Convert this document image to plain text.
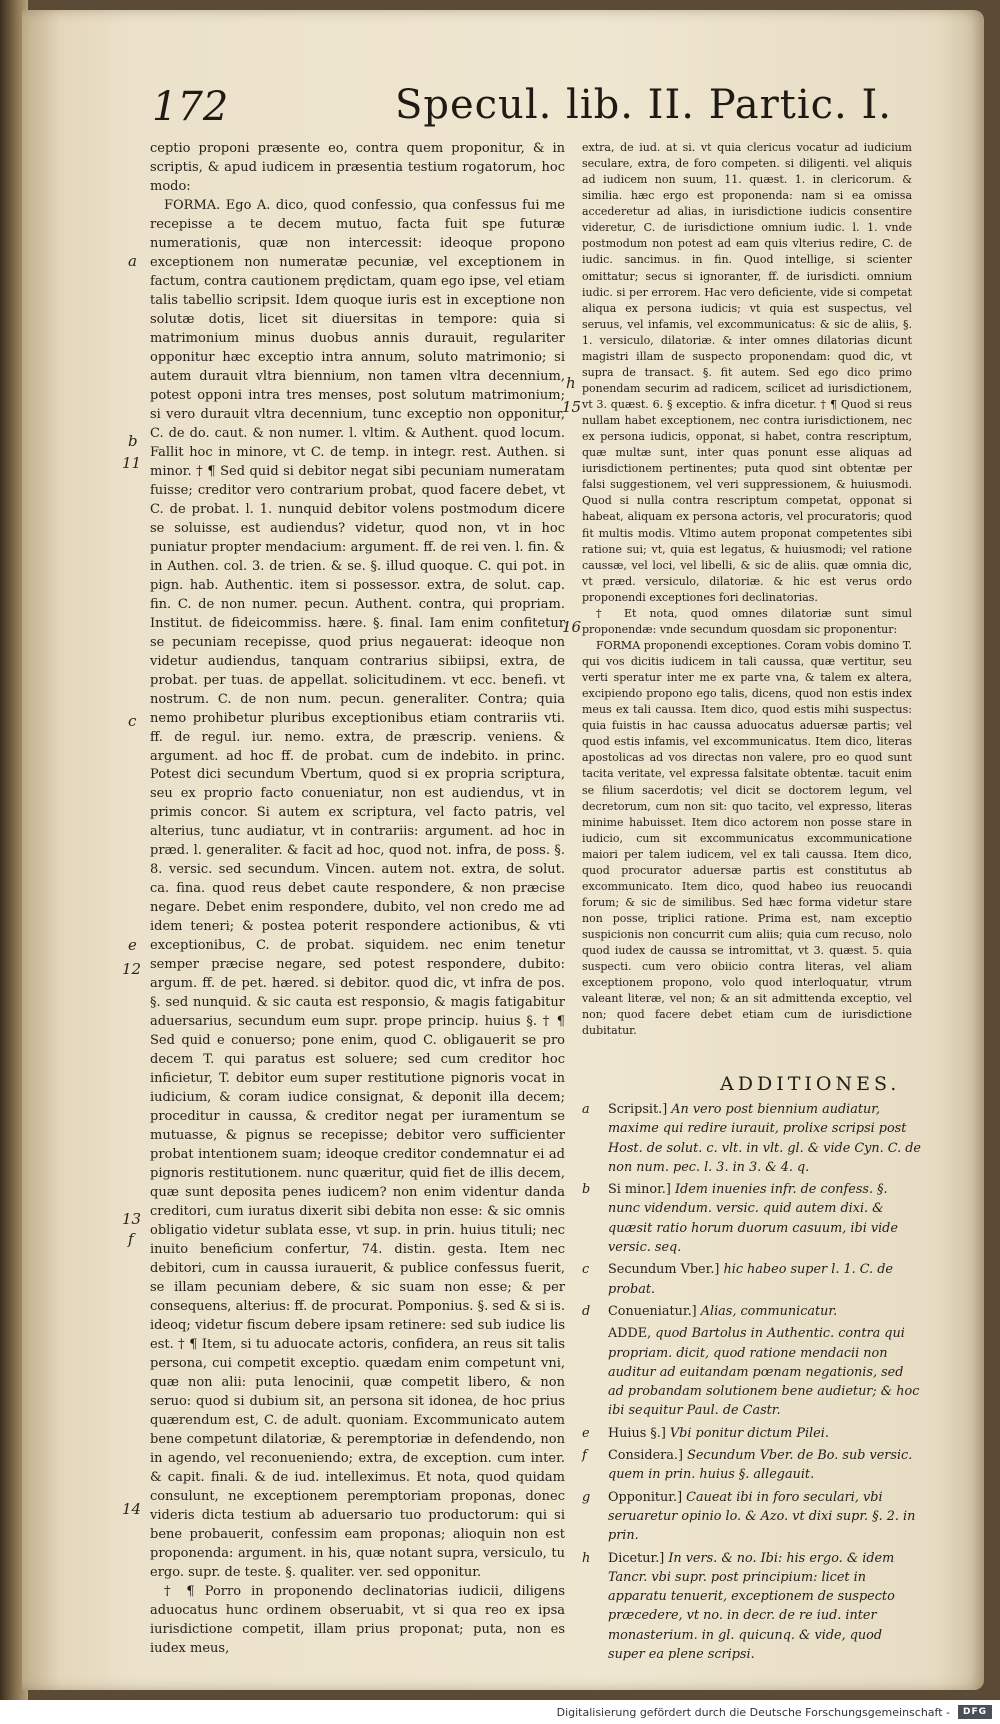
172	Specul. lib. II. Partic. I.

ceptio proponi præsente eo, contra quem proponitur, & in scriptis, & apud iudicem in præsentia testium rogatorum, hoc modo:

FORMA. Ego A. dico, quod confessio, qua confessus fui me recepisse a te decem mutuo, facta fuit spe futuræ numerationis, quæ non intercessit: ideoque propono exceptionem non numeratæ pecuniæ, vel exceptionem in factum, contra cautionem prędictam, quam ego ipse, vel etiam talis tabellio scripsit. Idem quoque iuris est in exceptione non solutæ dotis, licet sit diuersitas in tempore: quia si matrimonium minus duobus annis durauit, regulariter opponitur hæc exceptio intra annum, soluto matrimonio; si autem durauit vltra biennium, non tamen vltra decennium, potest opponi intra tres menses, post solutum matrimonium; si vero durauit vltra decennium, tunc exceptio non opponitur, C. de do. caut. & non numer. l. vltim. & Authent. quod locum. Fallit hoc in minore, vt C. de temp. in integr. rest. Authen. si minor. † ¶ Sed quid si debitor negat sibi pecuniam numeratam fuisse; creditor vero contrarium probat, quod facere debet, vt C. de probat. l. 1. nunquid debitor volens postmodum dicere se soluisse, est audiendus? videtur, quod non, vt in hoc puniatur propter mendacium: argument. ff. de rei ven. l. fin. & in Authen. col. 3. de trien. & se. §. illud quoque. C. qui pot. in pign. hab. Authentic. item si possessor. extra, de solut. cap. fin. C. de non numer. pecun. Authent. contra, qui propriam. Institut. de fideicommiss. hære. §. final. Iam enim confitetur se pecuniam recepisse, quod prius negauerat: ideoque non videtur audiendus, tanquam contrarius sibiipsi, extra, de probat. per tuas. de appellat. solicitudinem. vt ecc. benefi. vt nostrum. C. de non num. pecun. generaliter. Contra; quia nemo prohibetur pluribus exceptionibus etiam contrariis vti. ff. de regul. iur. nemo. extra, de præscrip. veniens. & argument. ad hoc ff. de probat. cum de indebito. in princ. Potest dici secundum Vbertum, quod si ex propria scriptura, seu ex proprio facto conueniatur, non est audiendus, vt in primis concor. Si autem ex scriptura, vel facto patris, vel alterius, tunc audiatur, vt in contrariis: argument. ad hoc in præd. l. generaliter. & facit ad hoc, quod not. infra, de poss. §. 8. versic. sed secundum. Vincen. autem not. extra, de solut. ca. fina. quod reus debet caute respondere, & non præcise negare. Debet enim respondere, dubito, vel non credo me ad idem teneri; & postea poterit respondere actionibus, & vti exceptionibus, C. de probat. siquidem. nec enim tenetur semper præcise negare, sed potest respondere, dubito: argum. ff. de pet. hæred. si debitor. quod dic, vt infra de pos. §. sed nunquid. & sic cauta est responsio, & magis fatigabitur aduersarius, secundum eum supr. prope princip. huius §. † ¶ Sed quid e conuerso; pone enim, quod C. obligauerit se pro decem T. qui paratus est soluere; sed cum creditor hoc inficietur, T. debitor eum super restitutione pignoris vocat in iudicium, & coram iudice consignat, & deponit illa decem; proceditur in caussa, & creditor negat per iuramentum se mutuasse, & pignus se recepisse; debitor vero sufficienter probat intentionem suam; ideoque creditor condemnatur ei ad pignoris restitutionem. nunc quæritur, quid fiet de illis decem, quæ sunt deposita penes iudicem? non enim videntur danda creditori, cum iuratus dixerit sibi debita non esse: & sic omnis obligatio videtur sublata esse, vt sup. in prin. huius tituli; nec inuito beneficium confertur, 74. distin. gesta. Item nec debitori, cum in caussa iurauerit, & publice confessus fuerit, se illam pecuniam debere, & sic suam non esse; & per consequens, alterius: ff. de procurat. Pomponius. §. sed & si is. ideoq; videtur fiscum debere ipsam retinere: sed sub iudice lis est. † ¶ Item, si tu aduocate actoris, confidera, an reus sit talis persona, cui competit exceptio. quædam enim competunt vni, quæ non alii: puta lenocinii, quæ competit libero, & non seruo: quod si dubium sit, an persona sit idonea, de hoc prius quærendum est, C. de adult. quoniam. Excommunicato autem bene competunt dilatoriæ, & peremptoriæ in defendendo, non in agendo, vel reconueniendo; extra, de exception. cum inter. & capit. finali. & de iud. intelleximus. Et nota, quod quidam consulunt, ne exceptionem peremptoriam proponas, donec videris dicta testium ab aduersario tuo productorum: qui si bene probauerit, confessim eam proponas; alioquin non est proponenda: argument. in his, quæ notant supra, versiculo, tu ergo. supr. de teste. §. qualiter. ver. sed opponitur.

† ¶ Porro in proponendo declinatorias iudicii, diligens aduocatus hunc ordinem obseruabit, vt si qua reo ex ipsa iurisdictione competit, illam prius proponat; puta, non es iudex meus,

extra, de iud. at si. vt quia clericus vocatur ad iudicium seculare, extra, de foro competen. si diligenti. vel aliquis ad iudicem non suum, 11. quæst. 1. in clericorum. & similia. hæc ergo est proponenda: nam si ea omissa accederetur ad alias, in iurisdictione iudicis consentire videretur, C. de iurisdictione omnium iudic. l. 1. vnde postmodum non potest ad eam quis vlterius redire, C. de iudic. sancimus. in fin. Quod intellige, si scienter omittatur; secus si ignoranter, ff. de iurisdicti. omnium iudic. si per errorem. Hac vero deficiente, vide si competat aliqua ex persona iudicis; vt quia est suspectus, vel seruus, vel infamis, vel excommunicatus: & sic de aliis, §. 1. versiculo, dilatoriæ. & inter omnes dilatorias dicunt magistri illam de suspecto proponendam: quod dic, vt supra de transact. §. fit autem. Sed ego dico primo ponendam securim ad radicem, scilicet ad iurisdictionem, vt 3. quæst. 6. § exceptio. & infra dicetur. † ¶ Quod si reus nullam habet exceptionem, nec contra iurisdictionem, nec ex persona iudicis, opponat, si habet, contra rescriptum, quæ multæ sunt, inter quas ponunt esse aliquas ad iurisdictionem pertinentes; puta quod sint obtentæ per falsi suggestionem, vel veri suppressionem, & huiusmodi. Quod si nulla contra rescriptum competat, opponat si habeat, aliquam ex persona actoris, vel procuratoris; quod fit multis modis. Vltimo autem proponat competentes sibi ratione sui; vt, quia est legatus, & huiusmodi; vel ratione caussæ, vel loci, vel libelli, & sic de aliis. quæ omnia dic, vt præd. versiculo, dilatoriæ. & hic est verus ordo proponendi exceptiones fori declinatorias.

† Et nota, quod omnes dilatoriæ sunt simul proponendæ: vnde secundum quosdam sic proponentur:

FORMA proponendi exceptiones. Coram vobis domino T. qui vos dicitis iudicem in tali caussa, quæ vertitur, seu verti speratur inter me ex parte vna, & talem ex altera, excipiendo propono ego talis, dicens, quod non estis index meus ex tali caussa. Item dico, quod estis mihi suspectus: quia fuistis in hac caussa aduocatus aduersæ partis; vel quod estis infamis, vel excommunicatus. Item dico, literas apostolicas ad vos directas non valere, pro eo quod sunt tacita veritate, vel expressa falsitate obtentæ. tacuit enim se filium sacerdotis; vel dicit se doctorem legum, vel decretorum, cum non sit: quo tacito, vel expresso, literas minime habuisset. Item dico actorem non posse stare in iudicio, cum sit excommunicatus excommunicatione maiori per talem iudicem, vel ex tali caussa. Item dico, quod procurator aduersæ partis est constitutus ab excommunicato. Item dico, quod habeo ius reuocandi forum; & sic de similibus. Sed hæc forma videtur stare non posse, triplici ratione. Prima est, nam exceptio suspicionis non concurrit cum aliis; quia cum recuso, nolo quod iudex de caussa se intromittat, vt 3. quæst. 5. quia suspecti. cum vero obiicio contra literas, vel aliam exceptionem propono, volo quod interloquatur, vtrum valeant literæ, vel non; & an sit admittenda exceptio, vel non; quod facere debet etiam cum de iurisdictione dubitatur.

a
b
11
c
e
12
13
f
14
h
15
16
ADDITIONES.
a	Scripsit.] An vero post biennium audiatur, maxime qui redire iurauit, prolixe scripsi post Host. de solut. c. vlt. in vlt. gl. & vide Cyn. C. de non num. pec. l. 3. in 3. & 4. q.
b	Si minor.] Idem inuenies infr. de confess. §. nunc videndum. versic. quid autem dixi. & quæsit ratio horum duorum casuum, ibi vide versic. seq.
c	Secundum Vber.] hic habeo super l. 1. C. de probat.
d	Conueniatur.] Alias, communicatur.
ADDE, quod Bartolus in Authentic. contra qui propriam. dicit, quod ratione mendacii non auditur ad euitandam pœnam negationis, sed ad probandam solutionem bene audietur; & hoc ibi sequitur Paul. de Castr.
e	Huius §.] Vbi ponitur dictum Pilei.
f	Considera.] Secundum Vber. de Bo. sub versic. quem in prin. huius §. allegauit.
g	Opponitur.] Caueat ibi in foro seculari, vbi seruaretur opinio lo. & Azo. vt dixi supr. §. 2. in prin.
h	Dicetur.] In vers. & no. Ibi: his ergo. & idem Tancr. vbi supr. post principium: licet in apparatu tenuerit, exceptionem de suspecto præcedere, vt no. in decr. de re iud. inter monasterium. in gl. quicunq. & vide, quod super ea plene scripsi.
Digitalisierung gefördert durch die Deutsche Forschungsgemeinschaft -	DFG
